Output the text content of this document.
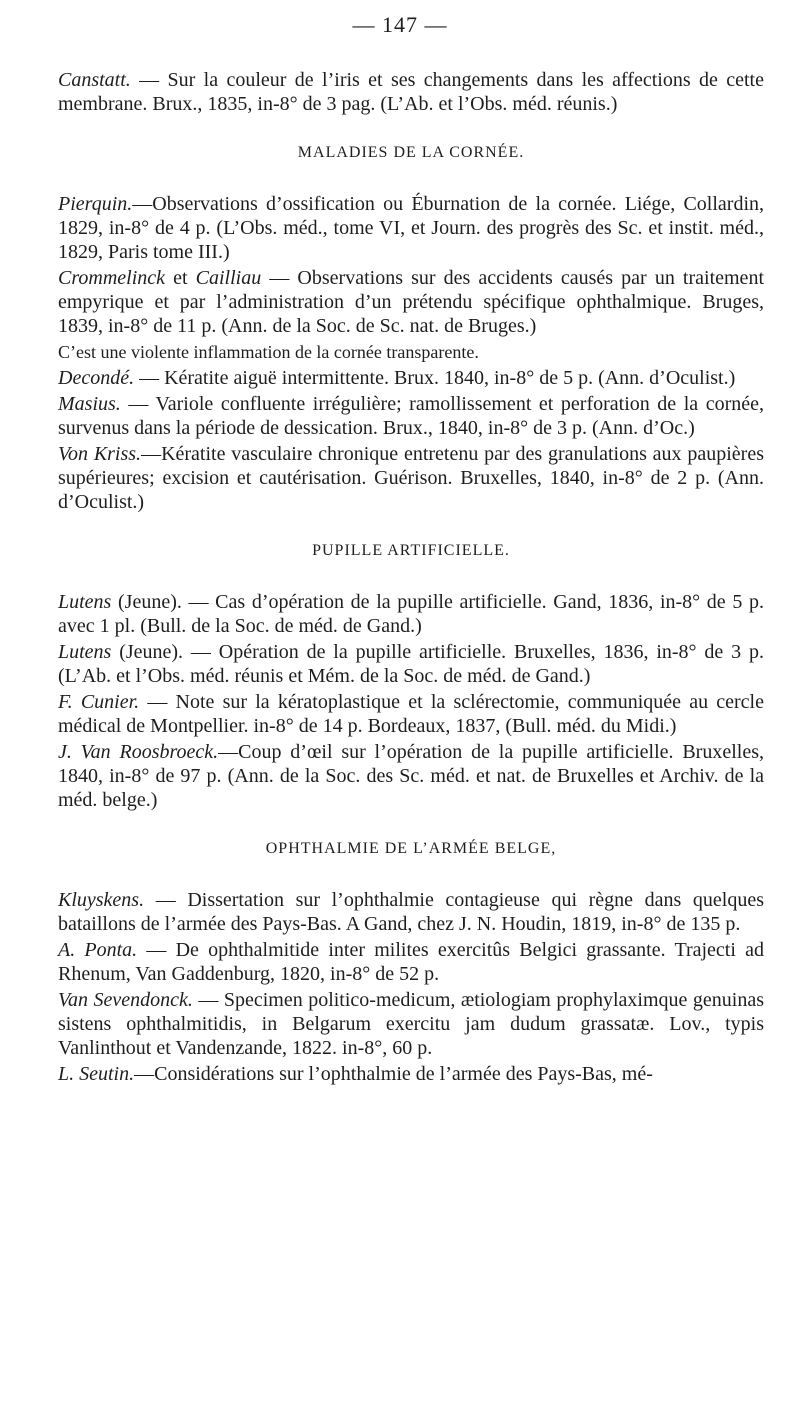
— 147 —

Canstatt. — Sur la couleur de l’iris et ses changements dans les affections de cette membrane. Brux., 1835, in-8° de 3 pag. (L’Ab. et l’Obs. méd. réunis.)

MALADIES DE LA CORNÉE.

Pierquin.—Observations d’ossification ou Éburnation de la cornée. Liége, Collardin, 1829, in-8° de 4 p. (L’Obs. méd., tome VI, et Journ. des progrès des Sc. et instit. méd., 1829, Paris tome III.)

Crommelinck et Cailliau — Observations sur des accidents causés par un traitement empyrique et par l’administration d’un prétendu spécifique ophthalmique. Bruges, 1839, in-8° de 11 p. (Ann. de la Soc. de Sc. nat. de Bruges.)

C’est une violente inflammation de la cornée transparente.

Decondé. — Kératite aiguë intermittente. Brux. 1840, in-8° de 5 p. (Ann. d’Oculist.)

Masius. — Variole confluente irrégulière; ramollissement et perforation de la cornée, survenus dans la période de dessication. Brux., 1840, in-8° de 3 p. (Ann. d’Oc.)

Von Kriss.—Kératite vasculaire chronique entretenu par des granulations aux paupières supérieures; excision et cautérisation. Guérison. Bruxelles, 1840, in-8° de 2 p. (Ann. d’Oculist.)

PUPILLE ARTIFICIELLE.

Lutens (Jeune). — Cas d’opération de la pupille artificielle. Gand, 1836, in-8° de 5 p. avec 1 pl. (Bull. de la Soc. de méd. de Gand.)

Lutens (Jeune). — Opération de la pupille artificielle. Bruxelles, 1836, in-8° de 3 p. (L’Ab. et l’Obs. méd. réunis et Mém. de la Soc. de méd. de Gand.)

F. Cunier. — Note sur la kératoplastique et la sclérectomie, communiquée au cercle médical de Montpellier. in-8° de 14 p. Bordeaux, 1837, (Bull. méd. du Midi.)

J. Van Roosbroeck.—Coup d’œil sur l’opération de la pupille artificielle. Bruxelles, 1840, in-8° de 97 p. (Ann. de la Soc. des Sc. méd. et nat. de Bruxelles et Archiv. de la méd. belge.)

OPHTHALMIE DE L’ARMÉE BELGE,

Kluyskens. — Dissertation sur l’ophthalmie contagieuse qui règne dans quelques bataillons de l’armée des Pays-Bas. A Gand, chez J. N. Houdin, 1819, in-8° de 135 p.

A. Ponta. — De ophthalmitide inter milites exercitûs Belgici grassante. Trajecti ad Rhenum, Van Gaddenburg, 1820, in-8° de 52 p.

Van Sevendonck. — Specimen politico-medicum, ætiologiam prophylaximque genuinas sistens ophthalmitidis, in Belgarum exercitu jam dudum grassatæ. Lov., typis Vanlinthout et Vandenzande, 1822. in-8°, 60 p.

L. Seutin.—Considérations sur l’ophthalmie de l’armée des Pays-Bas, mé-
